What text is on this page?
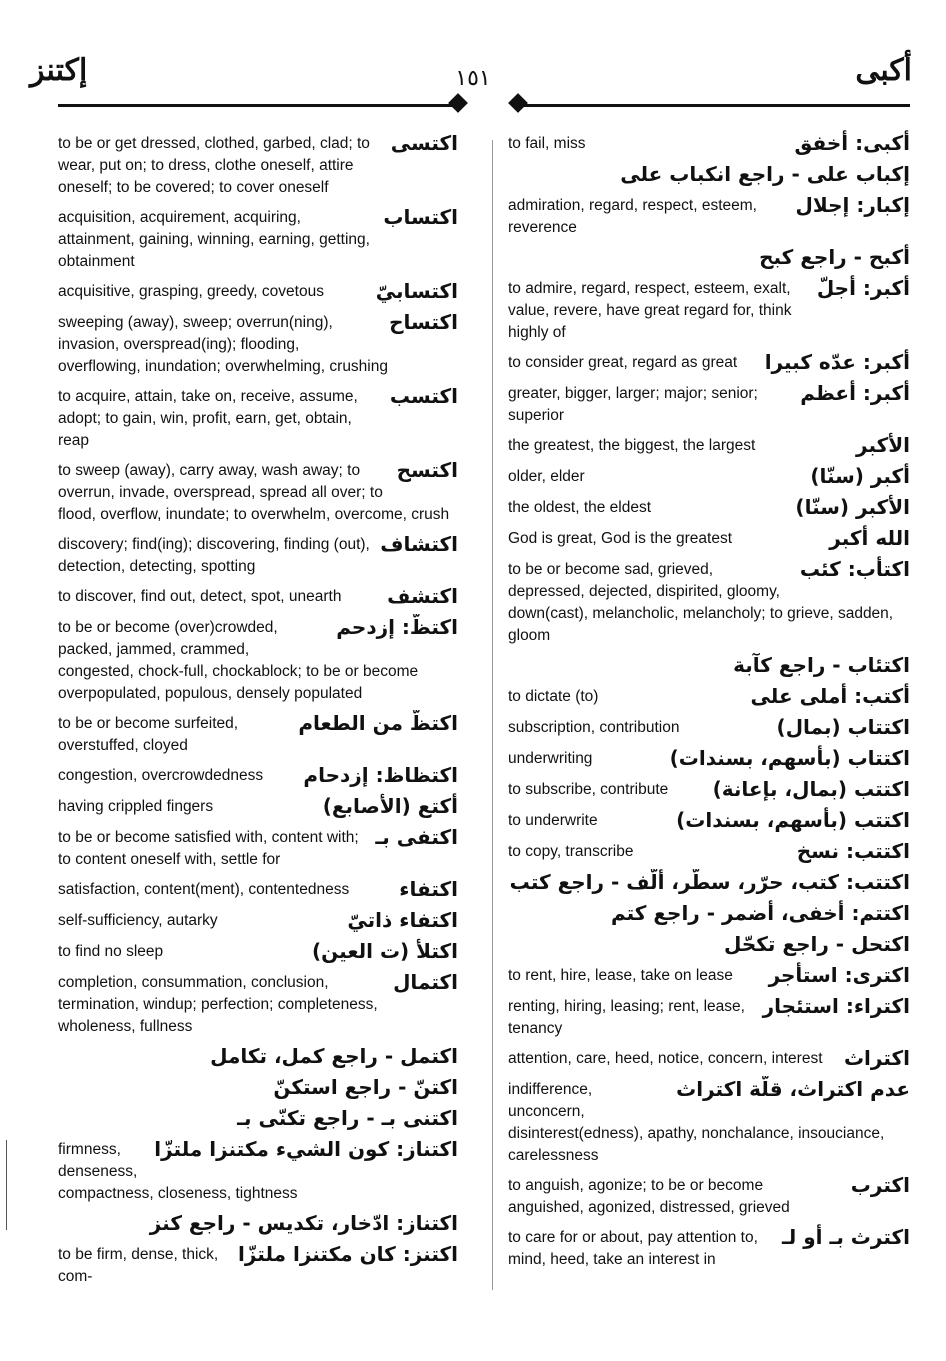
أكبى
١٥١
إكتنز
اكتسى
to be or get dressed, clothed, garbed, clad; to wear, put on; to dress, clothe oneself, attire oneself; to be covered; to cover oneself
اكتساب
acquisition, acquirement, acquiring, attainment, gaining, winning, earning, getting, obtainment
اكتسابيّ
acquisitive, grasping, greedy, covetous
اكتساح
sweeping (away), sweep; overrun(ning), invasion, overspread(ing); flooding, overflowing, inundation; overwhelming, crushing
اكتسب
to acquire, attain, take on, receive, assume, adopt; to gain, win, profit, earn, get, obtain, reap
اكتسح
to sweep (away), carry away, wash away; to overrun, invade, overspread, spread all over; to flood, overflow, inundate; to overwhelm, overcome, crush
اكتشاف
discovery; find(ing); discovering, finding (out), detection, detecting, spotting
اكتشف
to discover, find out, detect, spot, unearth
اكتظّ: إزدحم
to be or become (over)crowded, packed, jammed, crammed, congested, chock-full, chockablock; to be or become overpopulated, populous, densely populated
اكتظّ من الطعام
to be or become surfeited, overstuffed, cloyed
اكتظاظ: إزدحام
congestion, overcrowdedness
أكتع (الأصابع)
having crippled fingers
اكتفى بـ
to be or become satisfied with, content with; to content oneself with, settle for
اكتفاء
satisfaction, content(ment), contentedness
اكتفاء ذاتيّ
self-sufficiency, autarky
اكتلأ (ت العين)
to find no sleep
اكتمال
completion, consummation, conclusion, termination, windup; perfection; completeness, wholeness, fullness
اكتمل - راجع كمل، تكامل
اكتنّ - راجع استكنّ
اكتنى بـ - راجع تكنّى بـ
اكتناز: كون الشيء مكتنزا ملتزّا
firmness, denseness, compactness, closeness, tightness
اكتناز: ادّخار، تكديس - راجع كنز
اكتنز: كان مكتنزا ملتزّا
to be firm, dense, thick, com-
أكبى: أخفق
to fail, miss
إكباب على - راجع انكباب على
إكبار: إجلال
admiration, regard, respect, esteem, reverence
أكبح - راجع كبح
أكبر: أجلّ
to admire, regard, respect, esteem, exalt, value, revere, have great regard for, think highly of
أكبر: عدّه كبيرا
to consider great, regard as great
أكبر: أعظم
greater, bigger, larger; major; senior; superior
الأكبر
the greatest, the biggest, the largest
أكبر (سنّا)
older, elder
الأكبر (سنّا)
the oldest, the eldest
الله أكبر
God is great, God is the greatest
اكتأب: كئب
to be or become sad, grieved, depressed, dejected, dispirited, gloomy, down(cast), melancholic, melancholy; to grieve, sadden, gloom
اكتئاب - راجع كآبة
أكتب: أملى على
to dictate (to)
اكتتاب (بمال)
subscription, contribution
اكتتاب (بأسهم، بسندات)
underwriting
اكتتب (بمال، بإعانة)
to subscribe, contribute
اكتتب (بأسهم، بسندات)
to underwrite
اكتتب: نسخ
to copy, transcribe
اكتتب: كتب، حرّر، سطّر، ألّف - راجع كتب
اكتتم: أخفى، أضمر - راجع كتم
اكتحل - راجع تكحّل
اكترى: استأجر
to rent, hire, lease, take on lease
اكتراء: استئجار
renting, hiring, leasing; rent, lease, tenancy
اكتراث
attention, care, heed, notice, concern, interest
عدم اكتراث، قلّة اكتراث
indifference, unconcern, disinterest(edness), apathy, nonchalance, insouciance, carelessness
اكترب
to anguish, agonize; to be or become anguished, agonized, distressed, grieved
اكترث بـ أو لـ
to care for or about, pay attention to, mind, heed, take an interest in
